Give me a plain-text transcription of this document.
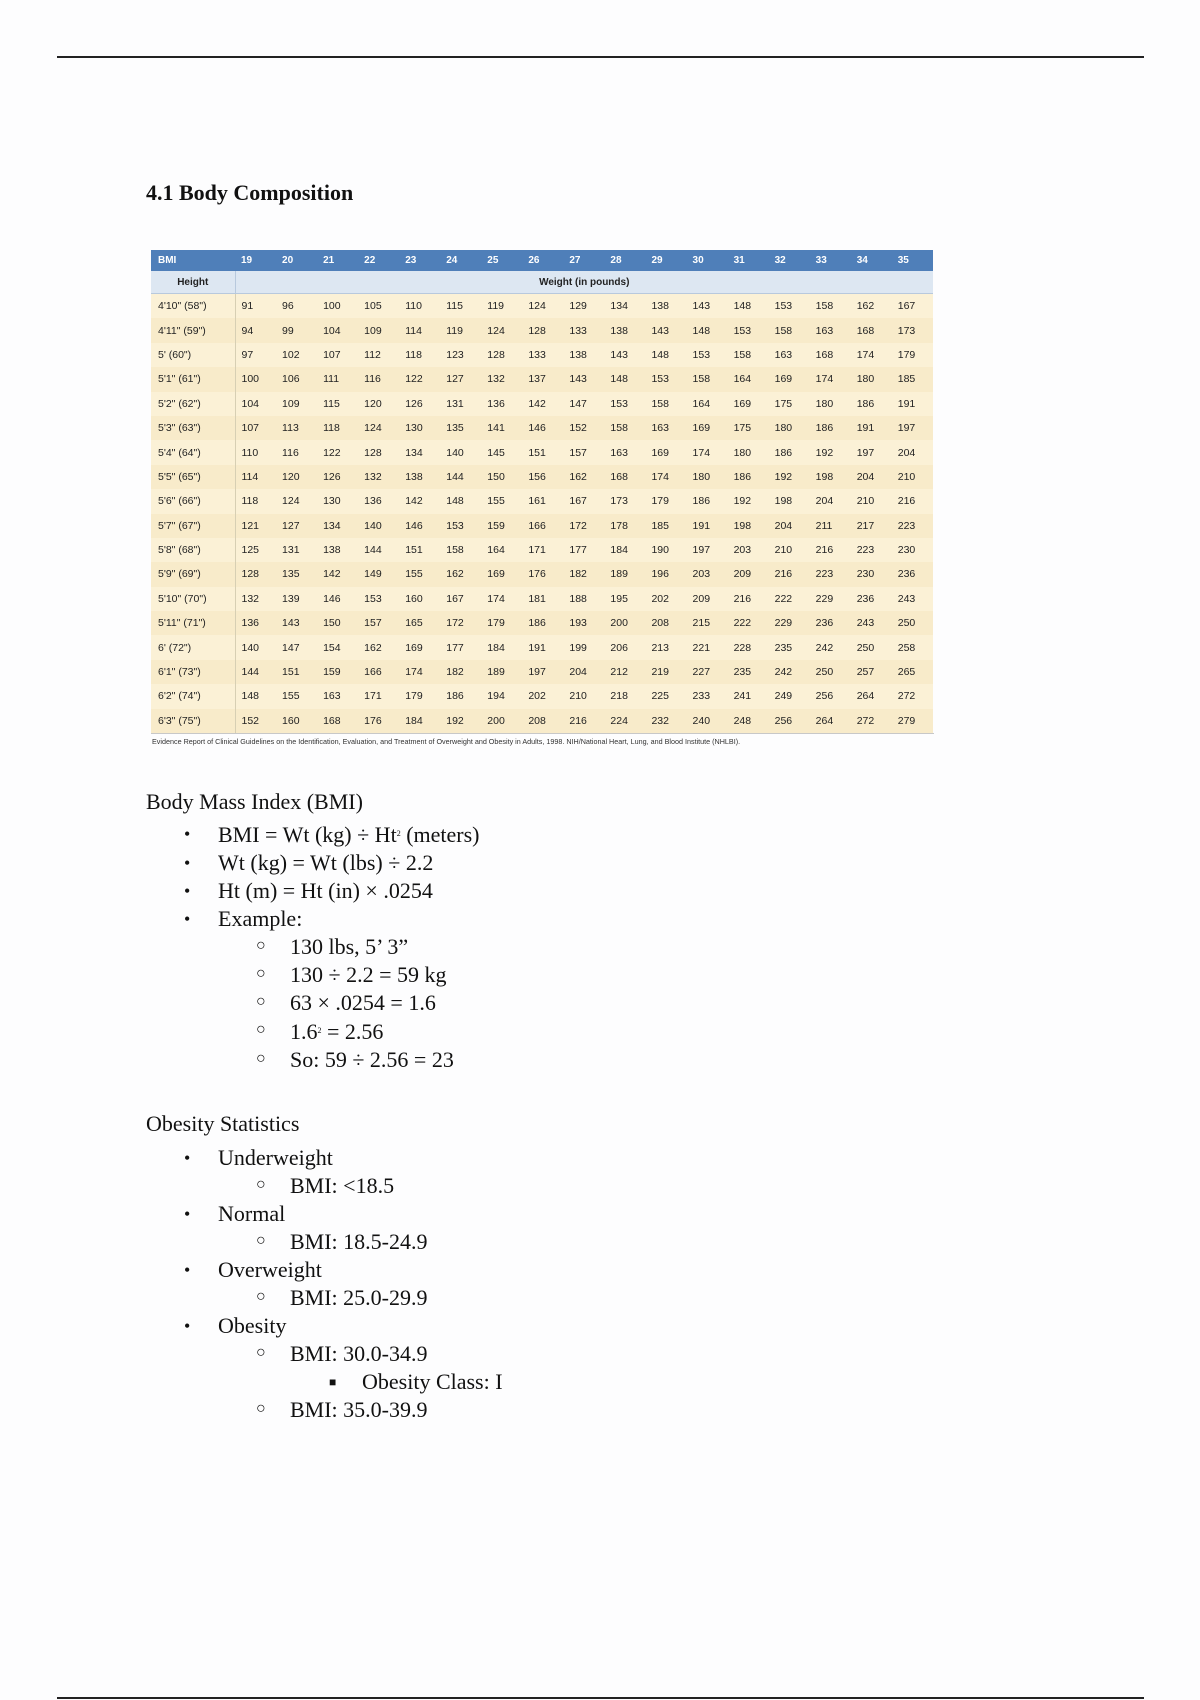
4.1 Body Composition
BMI	19	20	21	22	23	24	25	26	27	28	29	30	31	32	33	34	35
Height	Weight (in pounds)																
4'10" (58")	91	96	100	105	110	115	119	124	129	134	138	143	148	153	158	162	167
4'11" (59")	94	99	104	109	114	119	124	128	133	138	143	148	153	158	163	168	173
5' (60")	97	102	107	112	118	123	128	133	138	143	148	153	158	163	168	174	179
5'1" (61")	100	106	111	116	122	127	132	137	143	148	153	158	164	169	174	180	185
5'2" (62")	104	109	115	120	126	131	136	142	147	153	158	164	169	175	180	186	191
5'3" (63")	107	113	118	124	130	135	141	146	152	158	163	169	175	180	186	191	197
5'4" (64")	110	116	122	128	134	140	145	151	157	163	169	174	180	186	192	197	204
5'5" (65")	114	120	126	132	138	144	150	156	162	168	174	180	186	192	198	204	210
5'6" (66")	118	124	130	136	142	148	155	161	167	173	179	186	192	198	204	210	216
5'7" (67")	121	127	134	140	146	153	159	166	172	178	185	191	198	204	211	217	223
5'8" (68")	125	131	138	144	151	158	164	171	177	184	190	197	203	210	216	223	230
5'9" (69")	128	135	142	149	155	162	169	176	182	189	196	203	209	216	223	230	236
5'10" (70")	132	139	146	153	160	167	174	181	188	195	202	209	216	222	229	236	243
5'11" (71")	136	143	150	157	165	172	179	186	193	200	208	215	222	229	236	243	250
6' (72")	140	147	154	162	169	177	184	191	199	206	213	221	228	235	242	250	258
6'1" (73")	144	151	159	166	174	182	189	197	204	212	219	227	235	242	250	257	265
6'2" (74")	148	155	163	171	179	186	194	202	210	218	225	233	241	249	256	264	272
6'3" (75")	152	160	168	176	184	192	200	208	216	224	232	240	248	256	264	272	279
Evidence Report of Clinical Guidelines on the Identification, Evaluation, and Treatment of Overweight and Obesity in Adults, 1998. NIH/National Heart, Lung, and Blood Institute (NHLBI).
Body Mass Index (BMI)
• BMI = Wt $(kg) \div Ht^2$ (meters)
• Wt (kg) = Wt (lbs) ÷ 2.2
• Ht (m) = Ht (in) × .0254
• Example:
○ 130 lbs, 5’ 3”
○ 130 ÷ 2.2 = 59 kg
○ 63 × .0254 = 1.6
○ $1.6^2 = 2.56$
○ So: 59 ÷ 2.56 = 23
Obesity Statistics
• Underweight
○ BMI: <18.5
• Normal
○ BMI: 18.5-24.9
• Overweight
○ BMI: 25.0-29.9
• Obesity
○ BMI: 30.0-34.9
■ Obesity Class: I
○ BMI: 35.0-39.9
